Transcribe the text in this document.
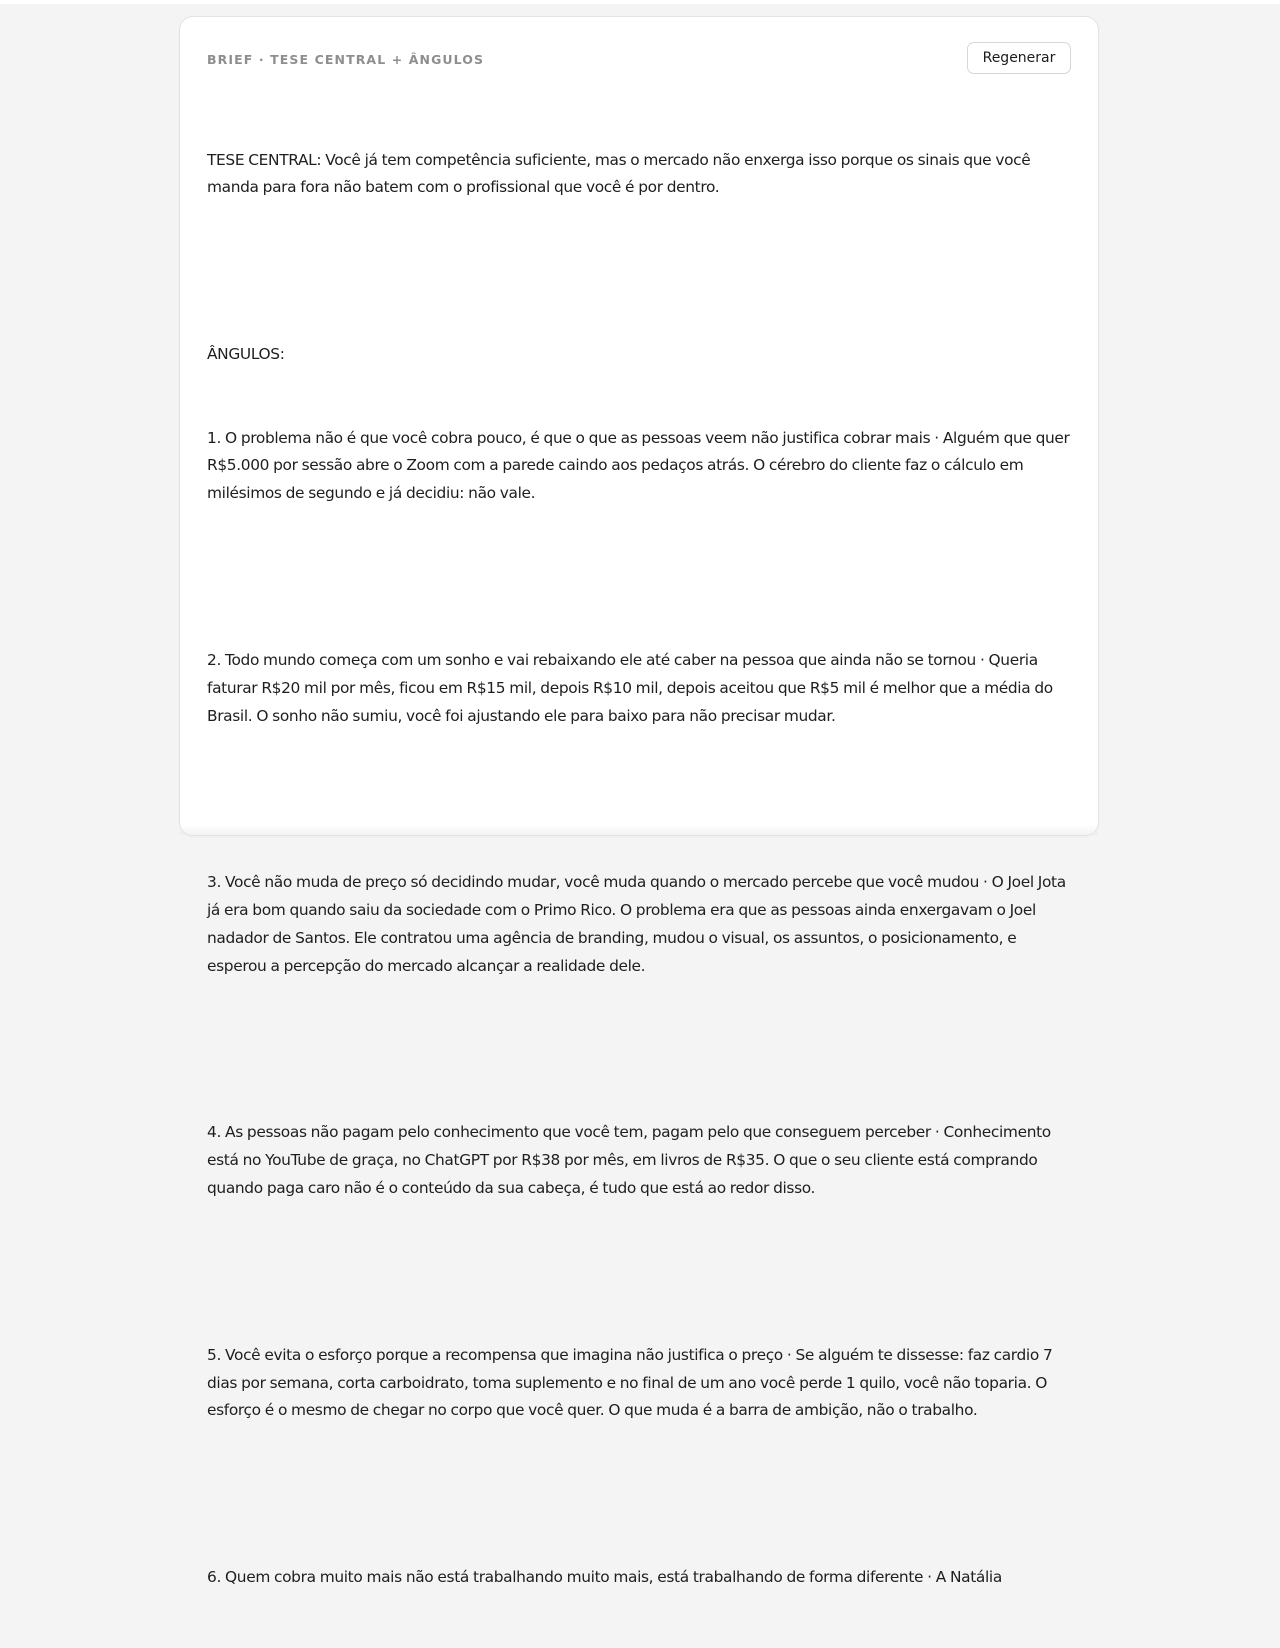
BRIEF · TESE CENTRAL + ÂNGULOS	Regenerar

TESE CENTRAL: Você já tem competência suficiente, mas o mercado não enxerga isso porque os sinais que você manda para fora não batem com o profissional que você é por dentro.

ÂNGULOS:

1. O problema não é que você cobra pouco, é que o que as pessoas veem não justifica cobrar mais · Alguém que quer R$5.000 por sessão abre o Zoom com a parede caindo aos pedaços atrás. O cérebro do cliente faz o cálculo em milésimos de segundo e já decidiu: não vale.

2. Todo mundo começa com um sonho e vai rebaixando ele até caber na pessoa que ainda não se tornou · Queria faturar R$20 mil por mês, ficou em R$15 mil, depois R$10 mil, depois aceitou que R$5 mil é melhor que a média do Brasil. O sonho não sumiu, você foi ajustando ele para baixo para não precisar mudar.

3. Você não muda de preço só decidindo mudar, você muda quando o mercado percebe que você mudou · O Joel Jota já era bom quando saiu da sociedade com o Primo Rico. O problema era que as pessoas ainda enxergavam o Joel nadador de Santos. Ele contratou uma agência de branding, mudou o visual, os assuntos, o posicionamento, e esperou a percepção do mercado alcançar a realidade dele.

4. As pessoas não pagam pelo conhecimento que você tem, pagam pelo que conseguem perceber · Conhecimento está no YouTube de graça, no ChatGPT por R$38 por mês, em livros de R$35. O que o seu cliente está comprando quando paga caro não é o conteúdo da sua cabeça, é tudo que está ao redor disso.

5. Você evita o esforço porque a recompensa que imagina não justifica o preço · Se alguém te dissesse: faz cardio 7 dias por semana, corta carboidrato, toma suplemento e no final de um ano você perde 1 quilo, você não toparia. O esforço é o mesmo de chegar no corpo que você quer. O que muda é a barra de ambição, não o trabalho.

6. Quem cobra muito mais não está trabalhando muito mais, está trabalhando de forma diferente · A Natália
